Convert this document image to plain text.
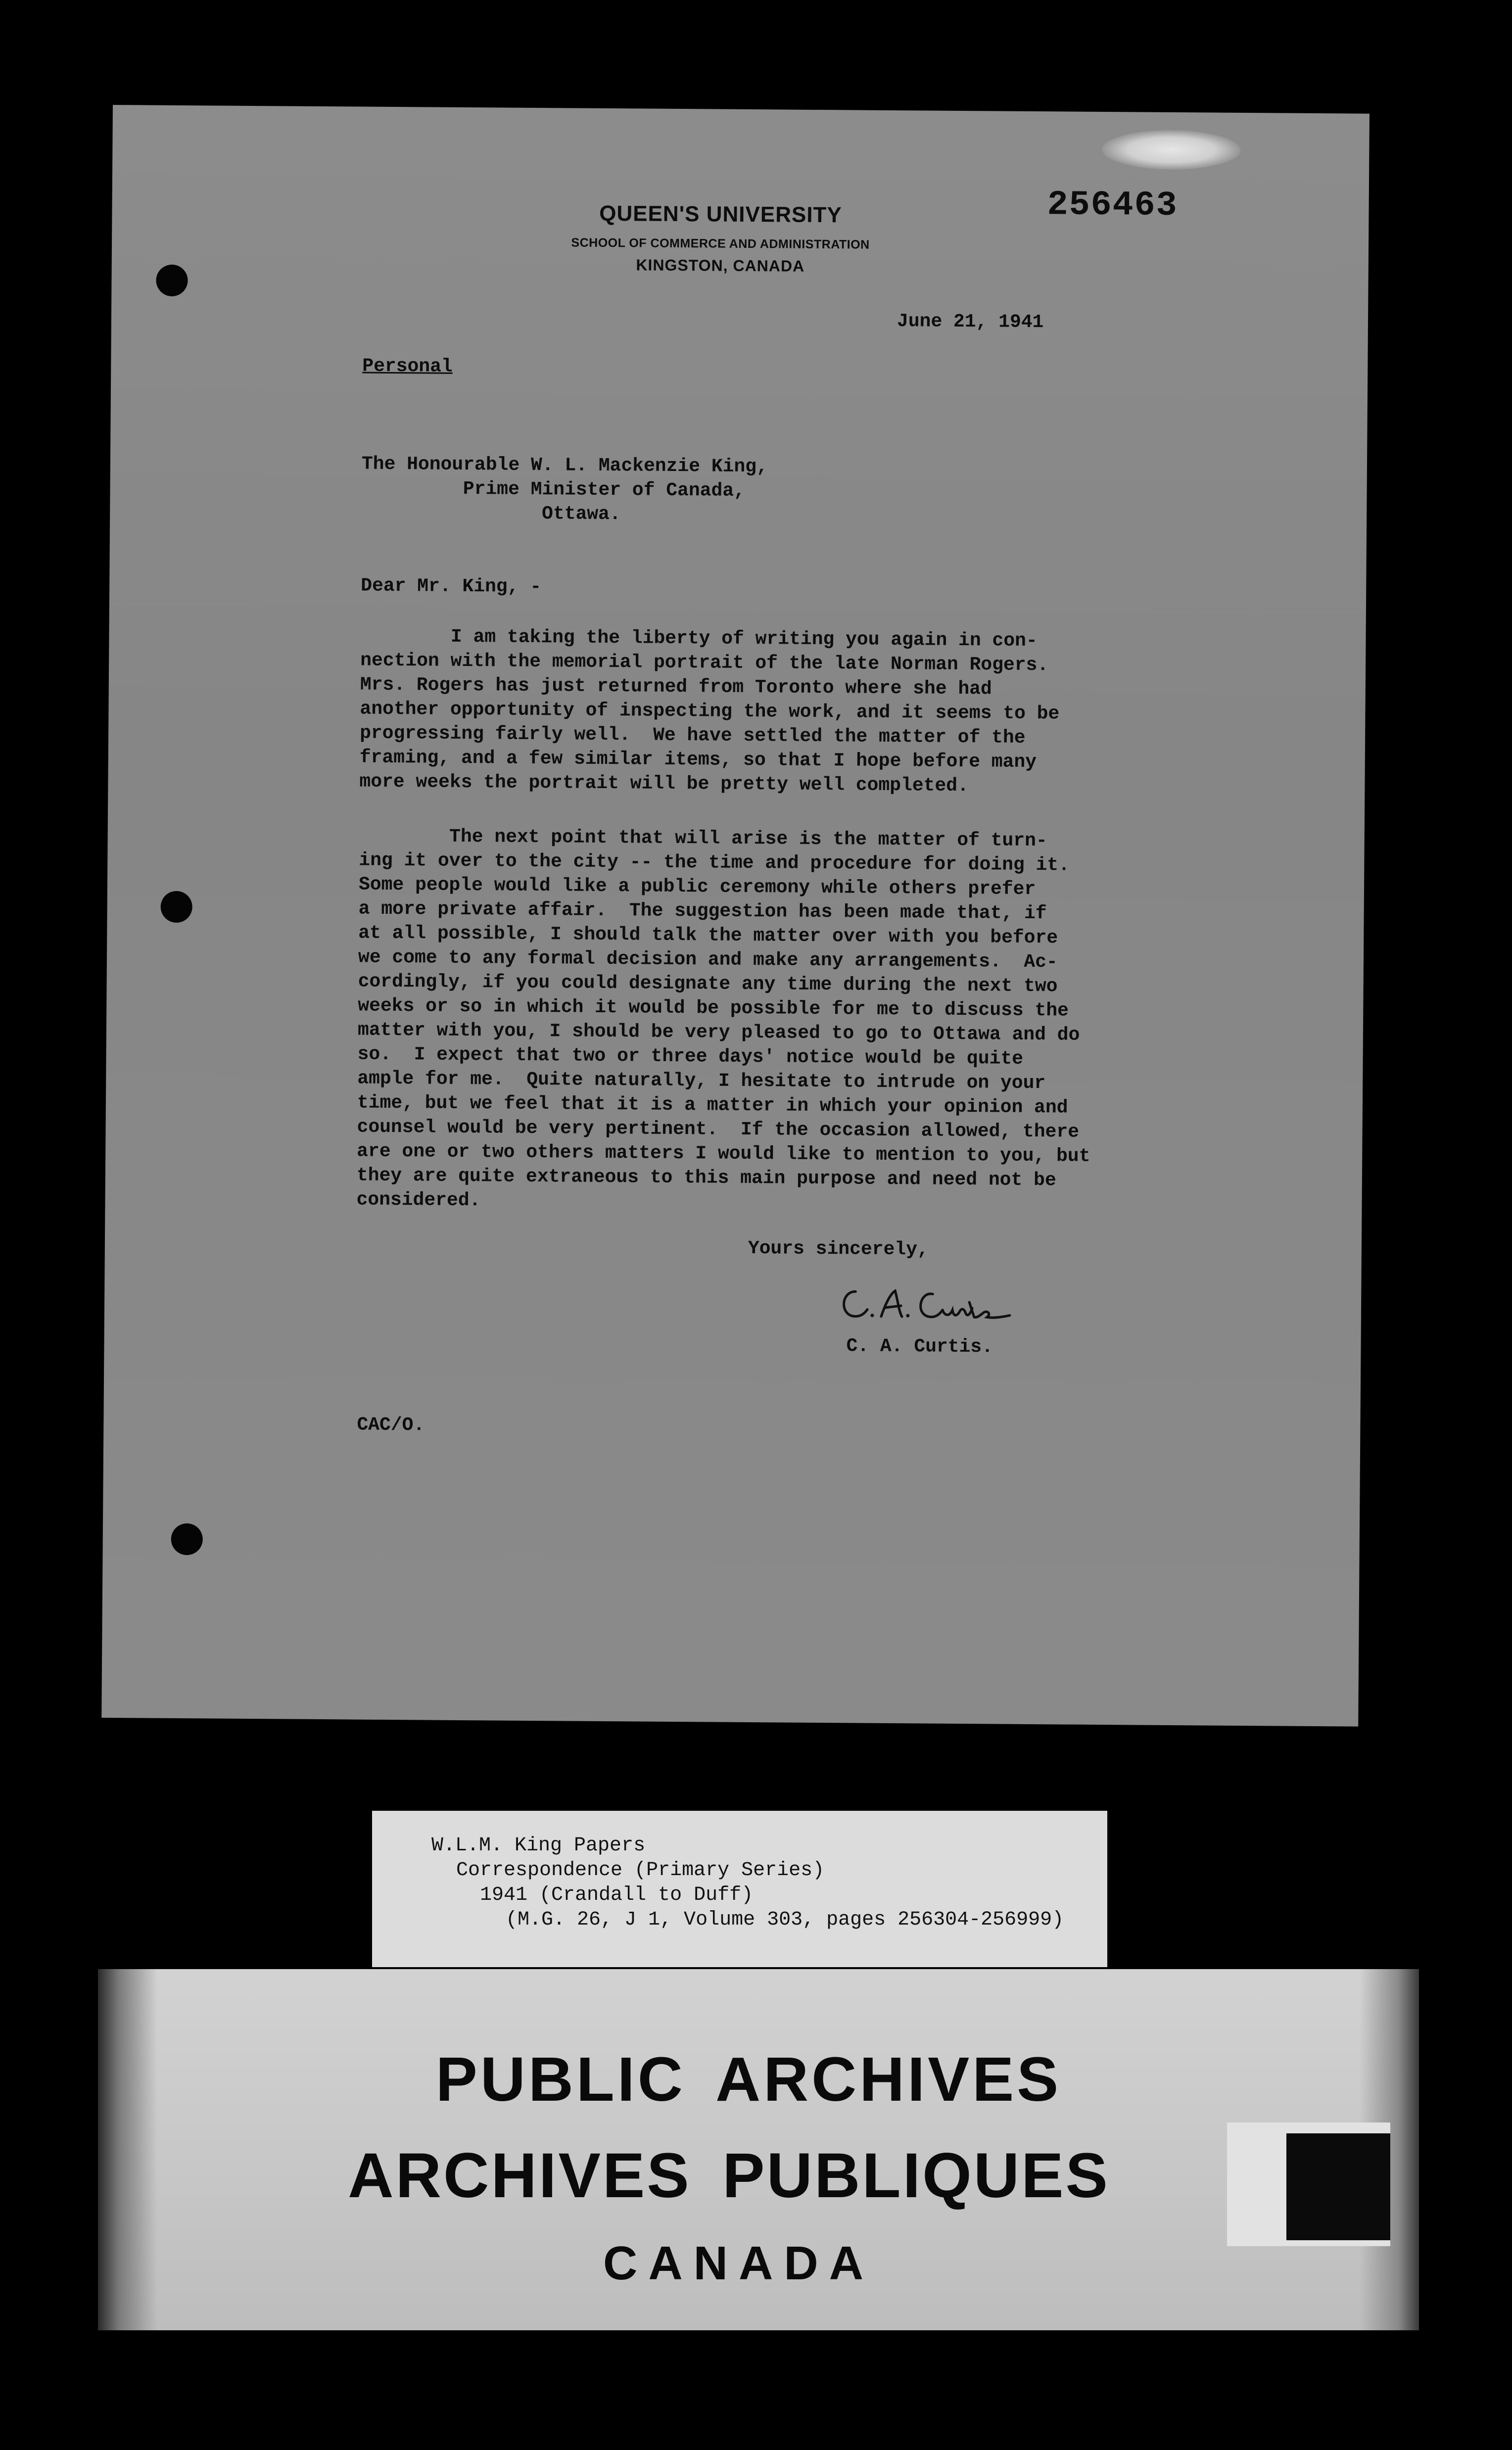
QUEEN'S UNIVERSITY
SCHOOL OF COMMERCE AND ADMINISTRATION
KINGSTON, CANADA
256463
June 21, 1941
Personal
The Honourable W. L. Mackenzie King,
Prime Minister of Canada,
Ottawa.
Dear Mr. King, -
I am taking the liberty of writing you again in con-
nection with the memorial portrait of the late Norman Rogers.
Mrs. Rogers has just returned from Toronto where she had
another opportunity of inspecting the work, and it seems to be
progressing fairly well.  We have settled the matter of the
framing, and a few similar items, so that I hope before many
more weeks the portrait will be pretty well completed.
The next point that will arise is the matter of turn-
ing it over to the city -- the time and procedure for doing it.
Some people would like a public ceremony while others prefer
a more private affair.  The suggestion has been made that, if
at all possible, I should talk the matter over with you before
we come to any formal decision and make any arrangements.  Ac-
cordingly, if you could designate any time during the next two
weeks or so in which it would be possible for me to discuss the
matter with you, I should be very pleased to go to Ottawa and do
so.  I expect that two or three days' notice would be quite
ample for me.  Quite naturally, I hesitate to intrude on your
time, but we feel that it is a matter in which your opinion and
counsel would be very pertinent.  If the occasion allowed, there
are one or two others matters I would like to mention to you, but
they are quite extraneous to this main purpose and need not be
considered.
Yours sincerely,
C. A. Curtis.
CAC/O.
W.L.M. King Papers
Correspondence (Primary Series)
1941 (Crandall to Duff)
(M.G. 26, J 1, Volume 303, pages 256304-256999)
PUBLIC ARCHIVES
ARCHIVES PUBLIQUES
CANADA
